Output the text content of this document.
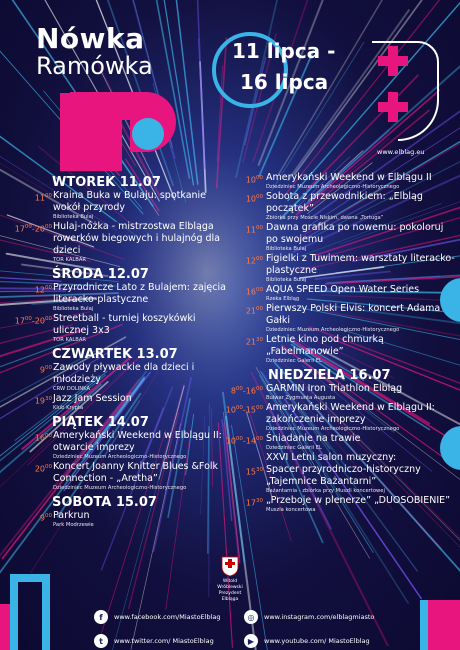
Nówka
Ramówka
11 lipca -
16 lipca
www.elblag.eu
WTOREK 11.07
$11^{00}$ Kraina Buka w Bulaju: spotkanie wokół przyrody
Biblioteka Bulaj
$17^{00}-20^{00}$ Hulaj-nóżka - mistrzostwa Elbląga rowerków biegowych i hulajnóg dla dzieci
TOR KALBAR
ŚRODA 12.07
$12^{00}$ Przyrodnicze Lato z Bulajem: zajęcia literacko-plastyczne
Biblioteka Bulaj
$17^{00}-20^{00}$ Streetball - turniej koszykówki ulicznej 3x3
TOR KALBAR
CZWARTEK 13.07
$9^{00}$ Zawody pływackie dla dzieci i młodzieży
CRW DOLINKA
$19^{30}$ Jazz Jam Session
Klub Krypta
PIĄTEK 14.07
$16^{00}$ Amerykański Weekend w Elblągu II: otwarcie imprezy
Dziedziniec Muzeum Archeologiczno-Historycznego
$20^{00}$ Koncert Joanny Knitter Blues &Folk Connection - „Aretha”
Dziedziniec Muzeum Archeologiczno-Historycznego
SOBOTA 15.07
$9^{00}$ Parkrun
Park Modrzewie
$10^{00}$ Amerykański Weekend w Elblągu II
Dziedziniec Muzeum Archeologiczno-Historycznego
$10^{00}$ Sobota z przewodnikiem: „Elbląg początek”
Zbiórka przy Moście Niskim, dawna „Tortuga”
$11^{00}$ Dawna grafika po nowemu: pokoloruj po swojemu
Biblioteka Bulaj
$12^{00}$ Figielki z Tuwimem: warsztaty literacko-plastyczne
Biblioteka Bulaj
$16^{00}$ AQUA SPEED Open Water Series
Rzeka Elbląg
$21^{00}$ Pierwszy Polski Elvis: koncert Adama Gałki
Dziedziniec Muzeum Archeologiczno-Historycznego
$21^{30}$ Letnie kino pod chmurką „Fabelmanowie”
Dziedziniec Galerii EL
NIEDZIELA 16.07
$8^{00}-16^{00}$ GARMIN Iron Triathlon Elbląg
Bulwar Zygmunta Augusta
$10^{00}-15^{00}$ Amerykański Weekend w Elblągu II: zakończenie imprezy
Dziedziniec Muzeum Archeologiczno-Historycznego
$10^{00}-14^{00}$ Śniadanie na trawie
Dziedziniec Galerii EL
XXVI Letni salon muzyczny:
$15^{30}$ Spacer przyrodniczo-historyczny „Tajemnice Bażantarni”
Bażantarnia - zbiórka przy Muszli koncertowej
$17^{30}$ „Przeboje w plenerze” „DUOSOBIENIE”
Muszla koncertowa
Witold Wróblewski
Prezydent Elbląga
f	www.facebook.com/MiastoElblag	◎	www.instagram.com/elblagmiasto
t	www.twitter.com/ MiastoElblag	▶	www.youtube.com/ MiastoElblag
